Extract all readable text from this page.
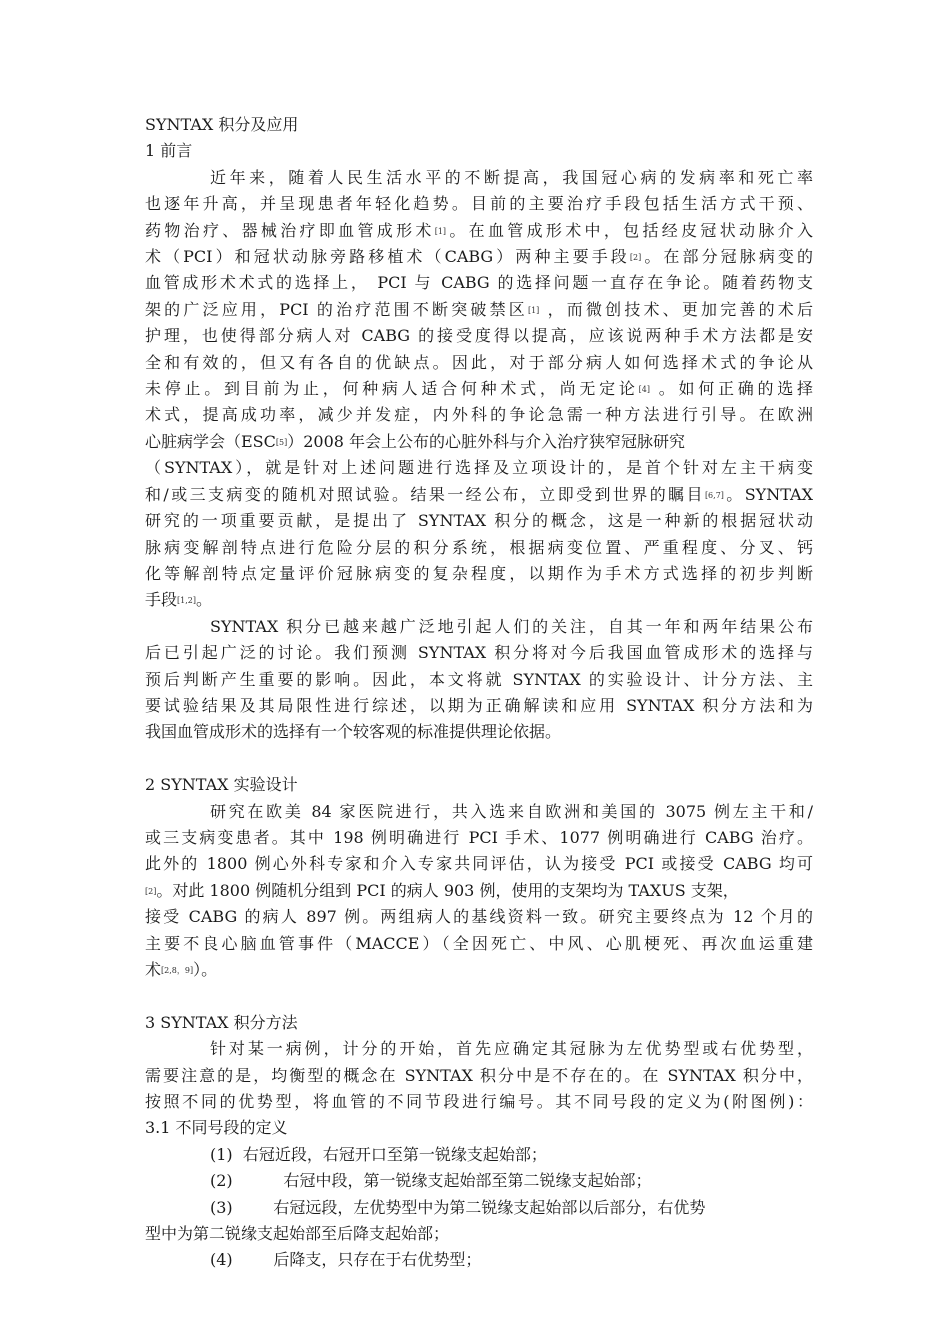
SYNTAX 积分及应用
1 前言
近年来，随着人民生活水平的不断提高，我国冠心病的发病率和死亡率
也逐年升高，并呈现患者年轻化趋势。目前的主要治疗手段包括生活方式干预、
药物治疗、器械治疗即血管成形术[1]。在血管成形术中，包括经皮冠状动脉介入
术（PCI）和冠状动脉旁路移植术（CABG）两种主要手段[2]。在部分冠脉病变的
血管成形术术式的选择上， PCI 与 CABG 的选择问题一直存在争论。随着药物支
架的广泛应用，PCI 的治疗范围不断突破禁区[1] ，而微创技术、更加完善的术后
护理，也使得部分病人对 CABG 的接受度得以提高，应该说两种手术方法都是安
全和有效的，但又有各自的优缺点。因此，对于部分病人如何选择术式的争论从
未停止。到目前为止，何种病人适合何种术式，尚无定论[4] 。如何正确的选择
术式，提高成功率，减少并发症，内外科的争论急需一种方法进行引导。在欧洲
心脏病学会（ESC[5]）2008 年会上公布的心脏外科与介入治疗狭窄冠脉研究
（SYNTAX），就是针对上述问题进行选择及立项设计的，是首个针对左主干病变
和/或三支病变的随机对照试验。结果一经公布，立即受到世界的瞩目[6,7]。SYNTAX
研究的一项重要贡献，是提出了 SYNTAX 积分的概念，这是一种新的根据冠状动
脉病变解剖特点进行危险分层的积分系统，根据病变位置、严重程度、分叉、钙
化等解剖特点定量评价冠脉病变的复杂程度，以期作为手术方式选择的初步判断
手段[1,2]。
SYNTAX 积分已越来越广泛地引起人们的关注，自其一年和两年结果公布
后已引起广泛的讨论。我们预测 SYNTAX 积分将对今后我国血管成形术的选择与
预后判断产生重要的影响。因此，本文将就 SYNTAX 的实验设计、计分方法、主
要试验结果及其局限性进行综述，以期为正确解读和应用 SYNTAX 积分方法和为
我国血管成形术的选择有一个较客观的标准提供理论依据。
2 SYNTAX 实验设计
研究在欧美 84 家医院进行，共入选来自欧洲和美国的 3075 例左主干和/
或三支病变患者。其中 198 例明确进行 PCI 手术、1077 例明确进行 CABG 治疗。
此外的 1800 例心外科专家和介入专家共同评估，认为接受 PCI 或接受 CABG 均可
[2]。对此 1800 例随机分组到 PCI 的病人 903 例，使用的支架均为 TAXUS 支架，
接受 CABG 的病人 897 例。两组病人的基线资料一致。研究主要终点为 12 个月的
主要不良心脑血管事件（MACCE）（全因死亡、中风、心肌梗死、再次血运重建
术[2,8，9]）。
3 SYNTAX 积分方法
针对某一病例，计分的开始，首先应确定其冠脉为左优势型或右优势型，
需要注意的是，均衡型的概念在 SYNTAX 积分中是不存在的。在 SYNTAX 积分中，
按照不同的优势型，将血管的不同节段进行编号。其不同号段的定义为(附图例)：
3.1 不同号段的定义
(1) 右冠近段，右冠开口至第一锐缘支起始部；
(2)	右冠中段，第一锐缘支起始部至第二锐缘支起始部；
(3)	右冠远段，左优势型中为第二锐缘支起始部以后部分，右优势
型中为第二锐缘支起始部至后降支起始部；
(4)	后降支，只存在于右优势型；
